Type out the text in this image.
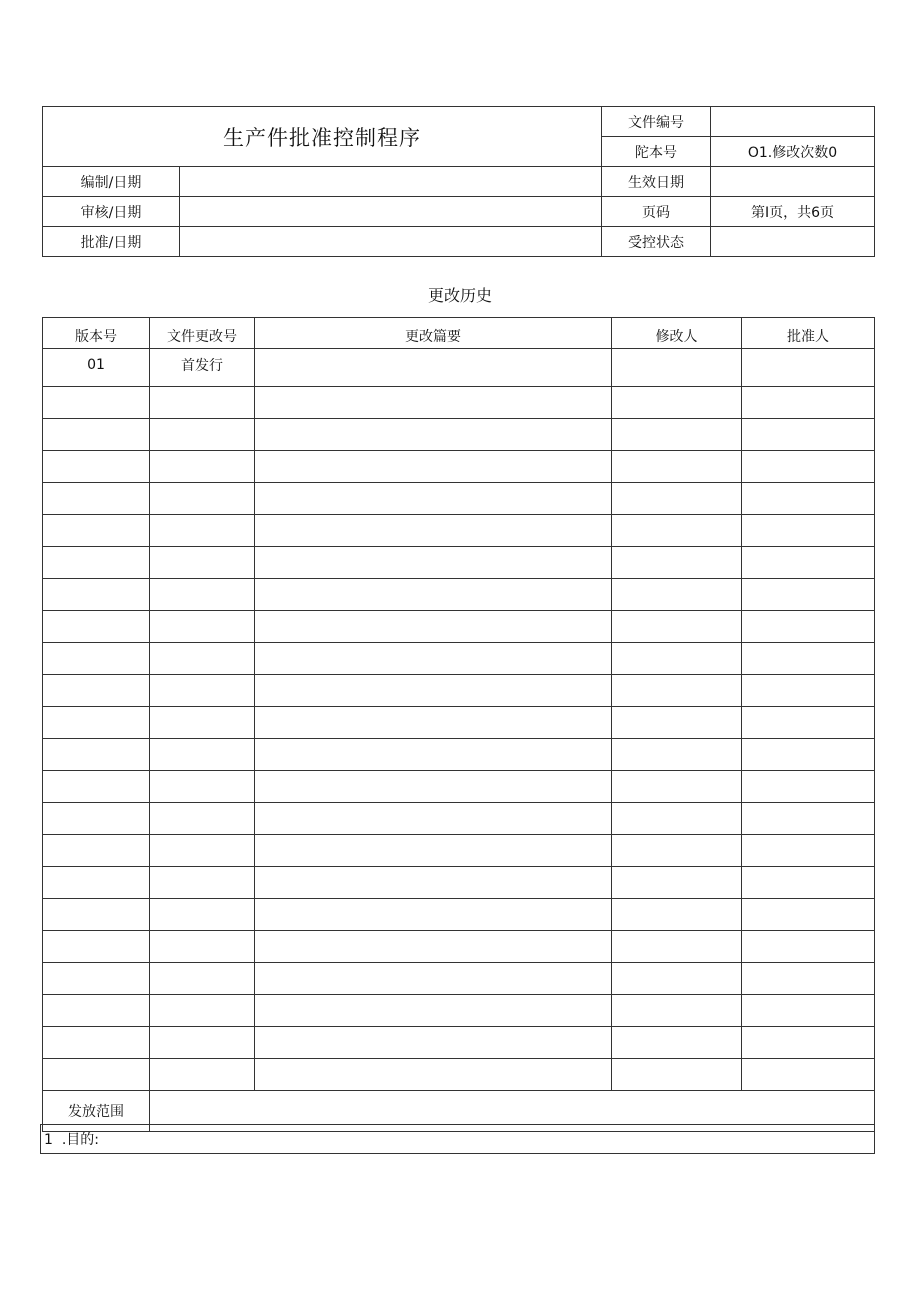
生产件批准控制程序		文件编号	
		陀本号	O1.修改次数0
编制/日期		生效日期	
审核/日期		页码	第I页，共6页
批准/日期		受控状态	
更改历史
版本号	文件更改号	更改篇要	修改人	批准人
01	首发行			

发放范围				
1 .目的:
